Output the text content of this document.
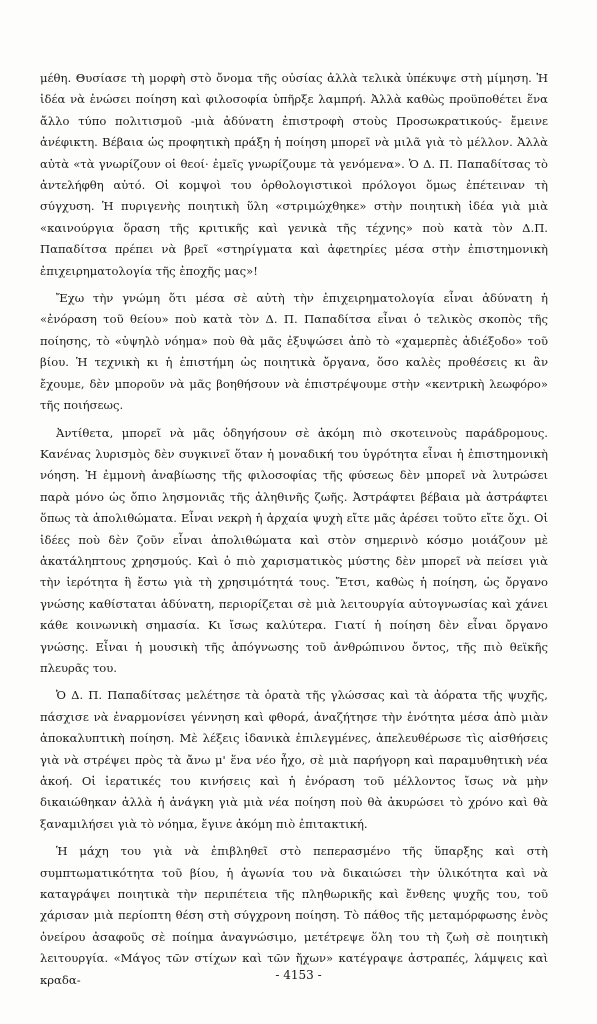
μέθη. Θυσίασε τὴ μορφὴ στὸ ὄνομα τῆς οὐσίας ἀλλὰ τελικὰ ὑπέκυψε στὴ μίμηση. Ἡ ἰδέα νὰ ἑνώσει ποίηση καὶ φιλοσοφία ὑπῆρξε λαμπρή. Ἀλλὰ καθὼς προϋποθέτει ἕνα ἄλλο τύπο πολιτισμοῦ -μιὰ ἀδύνατη ἐπιστροφὴ στοὺς Προσωκρατικούς- ἔμεινε ἀνέφικτη. Βέβαια ὡς προφητικὴ πράξη ἡ ποίηση μπορεῖ νὰ μιλᾶ γιὰ τὸ μέλλον. Ἀλλὰ αὐτὰ «τὰ γνωρίζουν οἱ θεοί· ἐμεῖς γνωρίζουμε τὰ γενόμενα». Ὁ Δ. Π. Παπαδίτσας τὸ ἀντελήφθη αὐτό. Οἱ κομψοὶ του ὀρθολογιστικοὶ πρόλογοι ὅμως ἐπέτειναν τὴ σύγχυση. Ἡ πυριγενὴς ποιητικὴ ὕλη «στριμώχθηκε» στὴν ποιητικὴ ἰδέα γιὰ μιὰ «καινούργια ὅραση τῆς κριτικῆς καὶ γενικὰ τῆς τέχνης» ποὺ κατὰ τὸν Δ.Π. Παπαδίτσα πρέπει νὰ βρεῖ «στηρίγματα καὶ ἀφετηρίες μέσα στὴν ἐπιστημονικὴ ἐπιχειρηματολογία τῆς ἐποχῆς μας»!

Ἔχω τὴν γνώμη ὅτι μέσα σὲ αὐτὴ τὴν ἐπιχειρηματολογία εἶναι ἀδύνατη ἡ «ἐνόραση τοῦ θείου» ποὺ κατὰ τὸν Δ. Π. Παπαδίτσα εἶναι ὁ τελικὸς σκοπὸς τῆς ποίησης, τὸ «ὑψηλὸ νόημα» ποὺ θὰ μᾶς ἐξυψώσει ἀπὸ τὸ «χαμερπὲς ἀδιέξοδο» τοῦ βίου. Ἡ τεχνικὴ κι ἡ ἐπιστήμη ὡς ποιητικὰ ὄργανα, ὅσο καλὲς προθέσεις κι ἂν ἔχουμε, δὲν μποροῦν νὰ μᾶς βοηθήσουν νὰ ἐπιστρέψουμε στὴν «κεντρικὴ λεωφόρο» τῆς ποιήσεως.

Ἀντίθετα, μπορεῖ νὰ μᾶς ὁδηγήσουν σὲ ἀκόμη πιὸ σκοτεινοὺς παράδρομους. Κανένας λυρισμὸς δὲν συγκινεῖ ὅταν ἡ μοναδική του ὑγρότητα εἶναι ἡ ἐπιστημονικὴ νόηση. Ἡ ἐμμονὴ ἀναβίωσης τῆς φιλοσοφίας τῆς φύσεως δὲν μπορεῖ νὰ λυτρώσει παρὰ μόνο ὡς ὄπιο λησμονιᾶς τῆς ἀληθινῆς ζωῆς. Ἀστράφτει βέβαια μὰ ἀστράφτει ὅπως τὰ ἀπολιθώματα. Εἶναι νεκρὴ ἡ ἀρχαία ψυχὴ εἴτε μᾶς ἀρέσει τοῦτο εἴτε ὄχι. Οἱ ἰδέες ποὺ δὲν ζοῦν εἶναι ἀπολιθώματα καὶ στὸν σημερινὸ κόσμο μοιάζουν μὲ ἀκατάληπτους χρησμούς. Καὶ ὁ πιὸ χαρισματικὸς μύστης δὲν μπορεῖ νὰ πείσει γιὰ τὴν ἱερότητα ἢ ἔστω γιὰ τὴ χρησιμότητά τους. Ἔτσι, καθὼς ἡ ποίηση, ὡς ὄργανο γνώσης καθίσταται ἀδύνατη, περιορίζεται σὲ μιὰ λειτουργία αὐτογνωσίας καὶ χάνει κάθε κοινωνικὴ σημασία. Κι ἴσως καλύτερα. Γιατί ἡ ποίηση δὲν εἶναι ὄργανο γνώσης. Εἶναι ἡ μουσικὴ τῆς ἀπόγνωσης τοῦ ἀνθρώπινου ὄντος, τῆς πιὸ θεϊκῆς πλευρᾶς του.

Ὁ Δ. Π. Παπαδίτσας μελέτησε τὰ ὁρατὰ τῆς γλώσσας καὶ τὰ ἀόρατα τῆς ψυχῆς, πάσχισε νὰ ἐναρμονίσει γέννηση καὶ φθορά, ἀναζήτησε τὴν ἑνότητα μέσα ἀπὸ μιὰν ἀποκαλυπτικὴ ποίηση. Μὲ λέξεις ἰδανικὰ ἐπιλεγμένες, ἀπελευθέρωσε τὶς αἰσθήσεις γιὰ νὰ στρέψει πρὸς τὰ ἄνω μ' ἕνα νέο ἦχο, σὲ μιὰ παρήγορη καὶ παραμυθητικὴ νέα ἀκοή. Οἱ ἱερατικές του κινήσεις καὶ ἡ ἐνόραση τοῦ μέλλοντος ἴσως νὰ μὴν δικαιώθηκαν ἀλλὰ ἡ ἀνάγκη γιὰ μιὰ νέα ποίηση ποὺ θὰ ἀκυρώσει τὸ χρόνο καὶ θὰ ξαναμιλήσει γιὰ τὸ νόημα, ἔγινε ἀκόμη πιὸ ἐπιτακτική.

Ἡ μάχη του γιὰ νὰ ἐπιβληθεῖ στὸ πεπερασμένο τῆς ὕπαρξης καὶ στὴ συμπτωματικότητα τοῦ βίου, ἡ ἀγωνία του νὰ δικαιώσει τὴν ὑλικότητα καὶ νὰ καταγράψει ποιητικὰ τὴν περιπέτεια τῆς πληθωρικῆς καὶ ἔνθεης ψυχῆς του, τοῦ χάρισαν μιὰ περίοπτη θέση στὴ σύγχρονη ποίηση. Τὸ πάθος τῆς μεταμόρφωσης ἑνὸς ὀνείρου ἀσαφοῦς σὲ ποίημα ἀναγνώσιμο, μετέτρεψε ὅλη του τὴ ζωὴ σὲ ποιητικὴ λειτουργία. «Μάγος τῶν στίχων καὶ τῶν ἤχων» κατέγραψε ἀστραπές, λάμψεις καὶ κραδα-	- 4153 -
